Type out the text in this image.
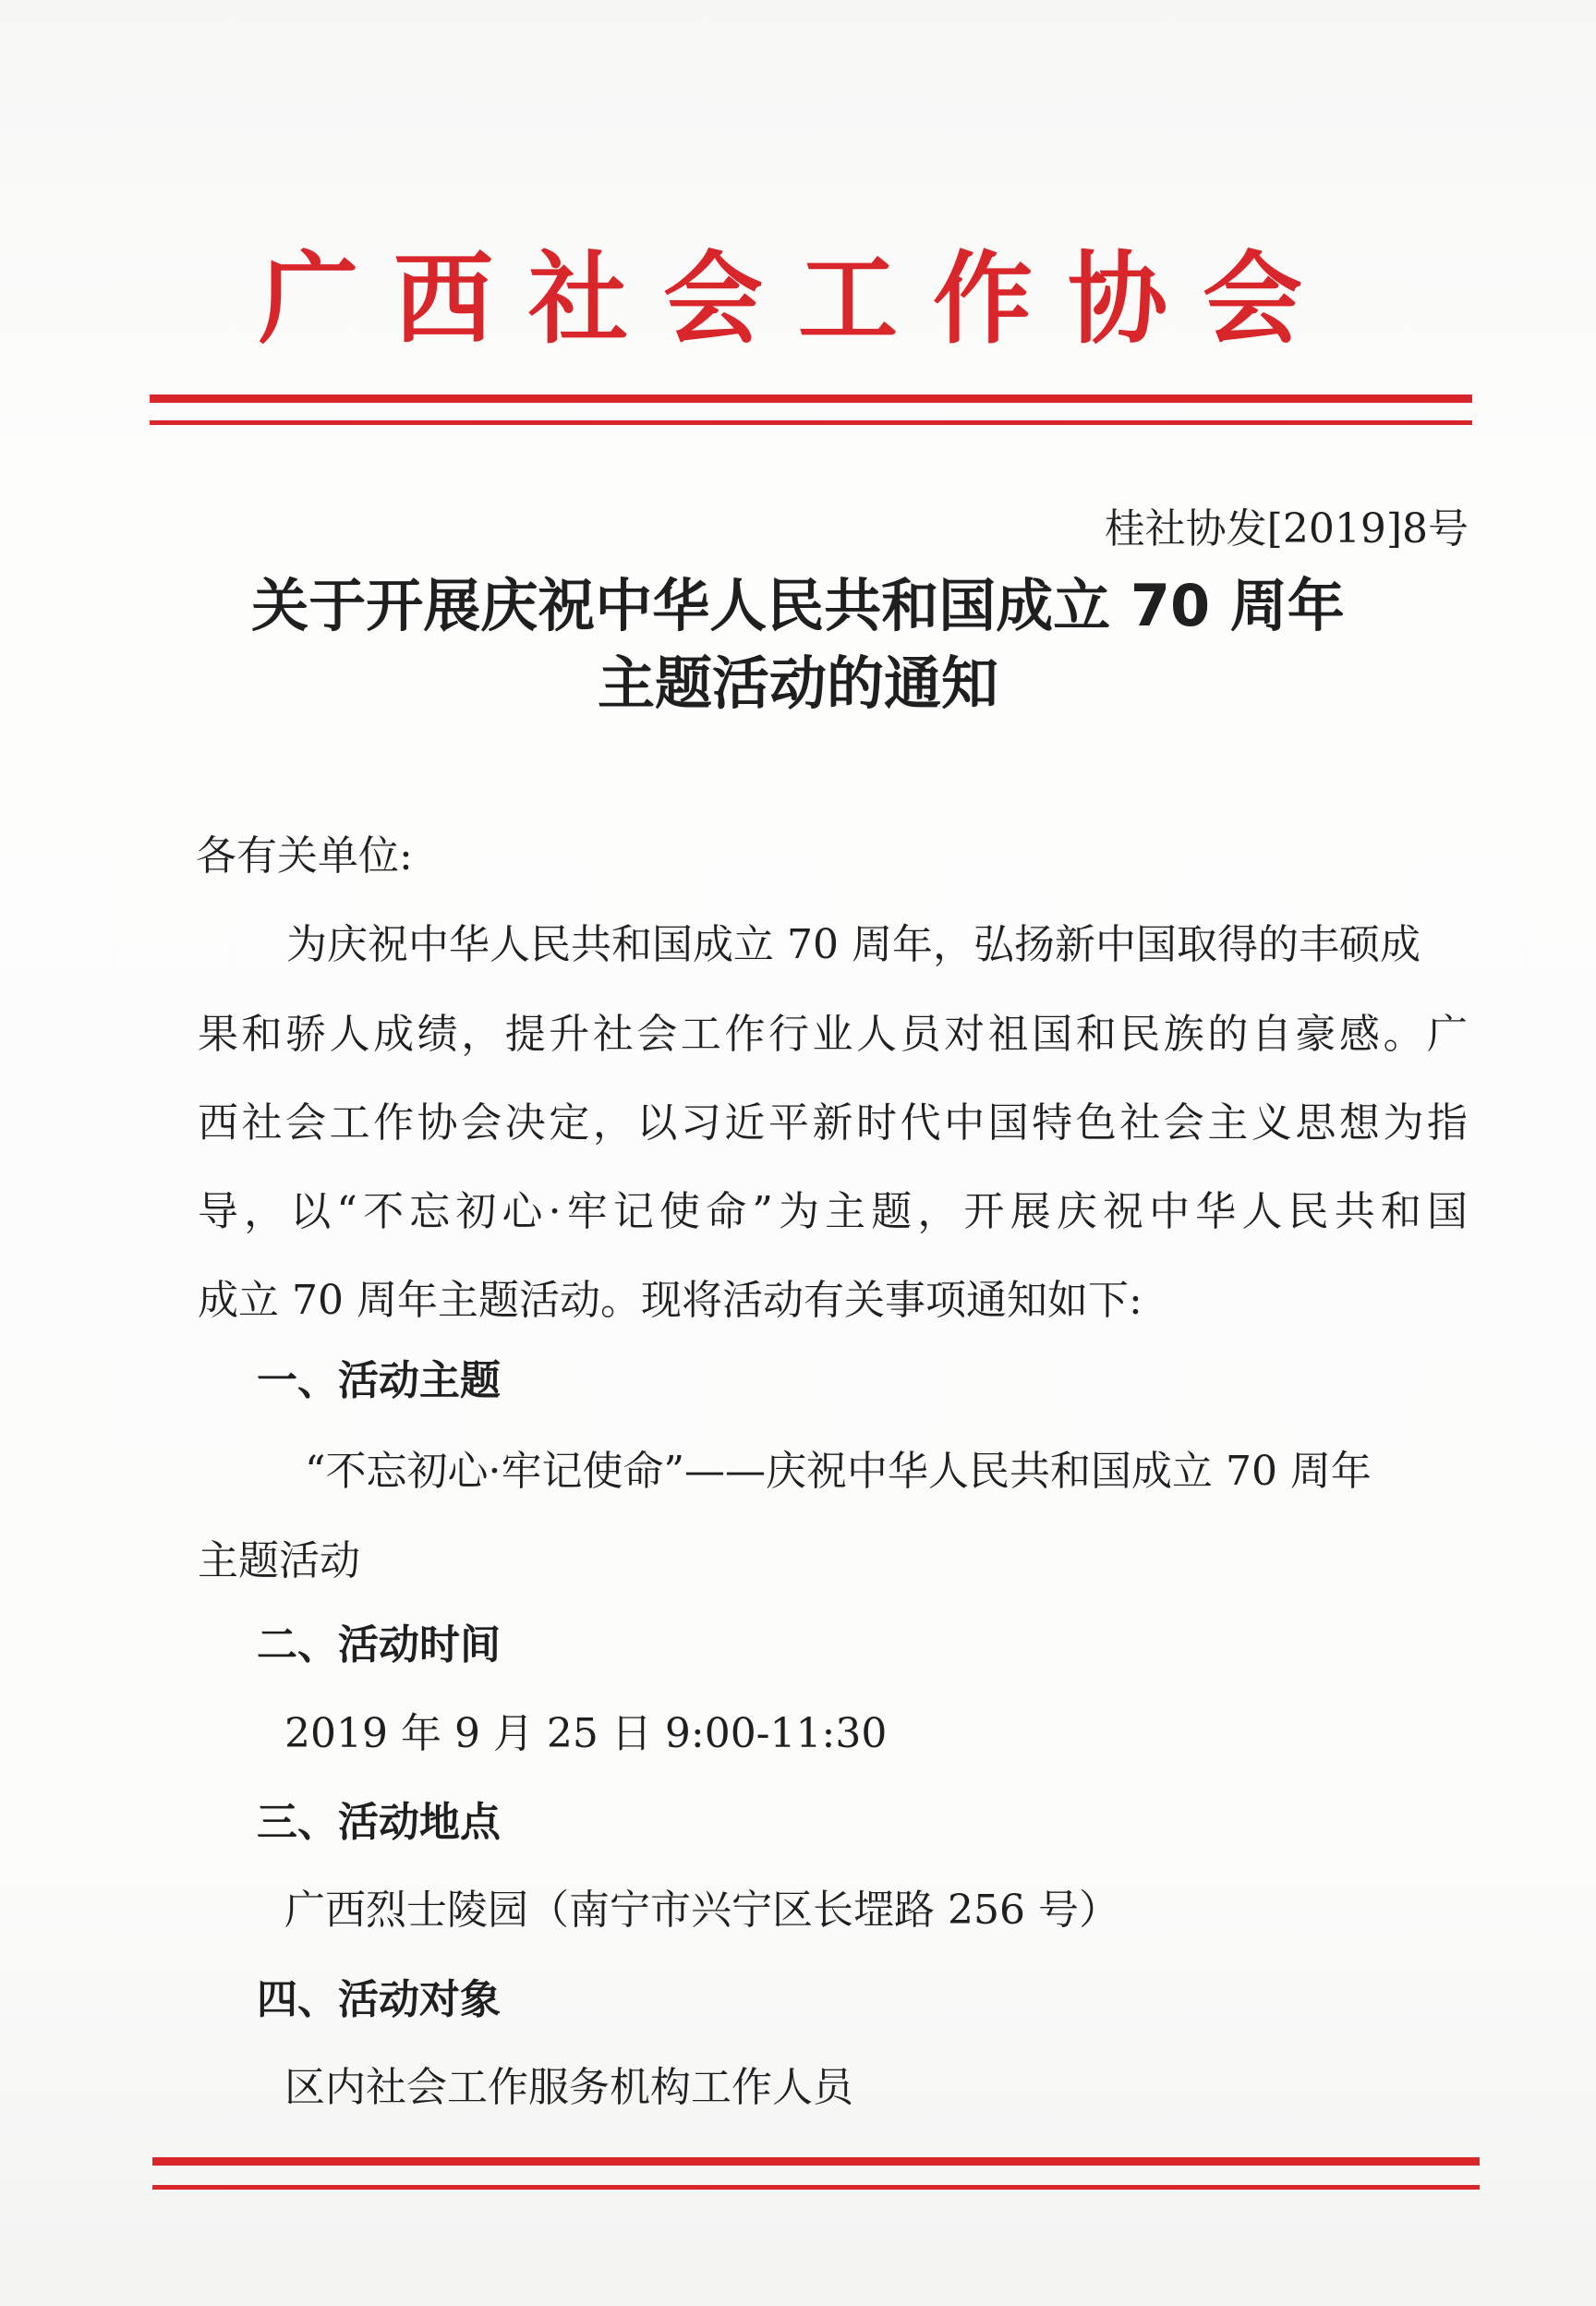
广西社会工作协会
桂社协发[2019]8号
关于开展庆祝中华人民共和国成立 70 周年
主题活动的通知
各有关单位:
为庆祝中华人民共和国成立 70 周年，弘扬新中国取得的丰硕成
果和骄人成绩，提升社会工作行业人员对祖国和民族的自豪感。广
西社会工作协会决定，以习近平新时代中国特色社会主义思想为指
导，以“不忘初心·牢记使命”为主题，开展庆祝中华人民共和国
成立 70 周年主题活动。现将活动有关事项通知如下:
一、活动主题
“不忘初心·牢记使命”——庆祝中华人民共和国成立 70 周年
主题活动
二、活动时间
2019 年 9 月 25 日 9:00-11:30
三、活动地点
广西烈士陵园（南宁市兴宁区长堽路 256 号）
四、活动对象
区内社会工作服务机构工作人员
